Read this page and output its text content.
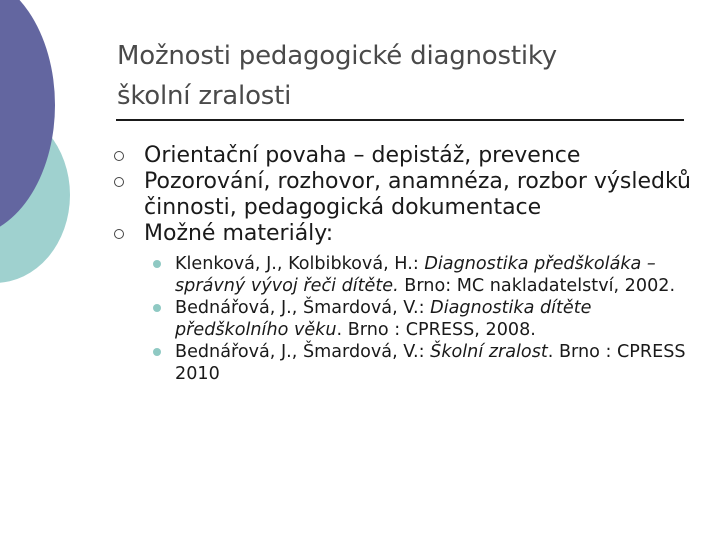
Možnosti pedagogické diagnostiky
školní zralosti
Orientační povaha – depistáž, prevence
Pozorování, rozhovor, anamnéza, rozbor výsledků činnosti, pedagogická dokumentace
Možné materiály:
Klenková, J., Kolbibková, H.: Diagnostika předškoláka – správný vývoj řeči dítěte. Brno: MC nakladatelství, 2002.
Bednářová, J., Šmardová, V.: Diagnostika dítěte předškolního věku. Brno : CPRESS, 2008.
Bednářová, J., Šmardová, V.: Školní zralost. Brno : CPRESS 2010
